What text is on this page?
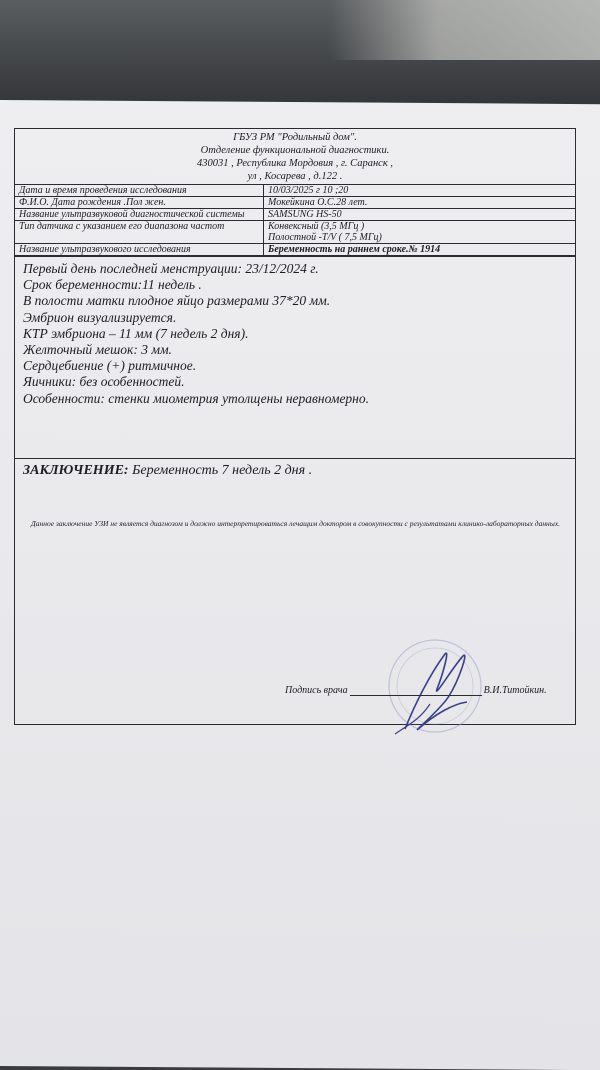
ГБУЗ РМ "Родильный дом".
Отделение функциональной диагностики.
430031 , Республика Мордовия , г. Саранск ,
ул , Косарева , д.122 .
Дата и время проведения исследования	10/03/2025 г 10 ;20
Ф.И.О. Дата рождения .Пол жен.	Мокейкина О.С.28 лет.
Название ультразвуковой диагностической системы	SAMSUNG HS-50
Тип датчика с указанием его диапазона частот	Конвексный (3,5 МГц )
Полостной -T/V ( 7,5 МГц)

Название ультразвукового исследования	Беременность на раннем сроке.№ 1914
Первый день последней менструации: 23/12/2024 г.
Срок беременности:11 недель .
В полости матки плодное яйцо размерами 37*20 мм.
Эмбрион визуализируется.
КТР эмбриона – 11 мм (7 недель 2 дня).
Желточный мешок: 3 мм.
Сердцебиение (+) ритмичное.
Яичники: без особенностей.
Особенности: стенки миометрия утолщены неравномерно.
ЗАКЛЮЧЕНИЕ: Беременность 7 недель 2 дня .
Данное заключение УЗИ не является диагнозом и должно интерпретироваться лечащим доктором в совокупности с результатами клинико-лабораторных данных.
Подпись врача	В.И.Титойкин.
